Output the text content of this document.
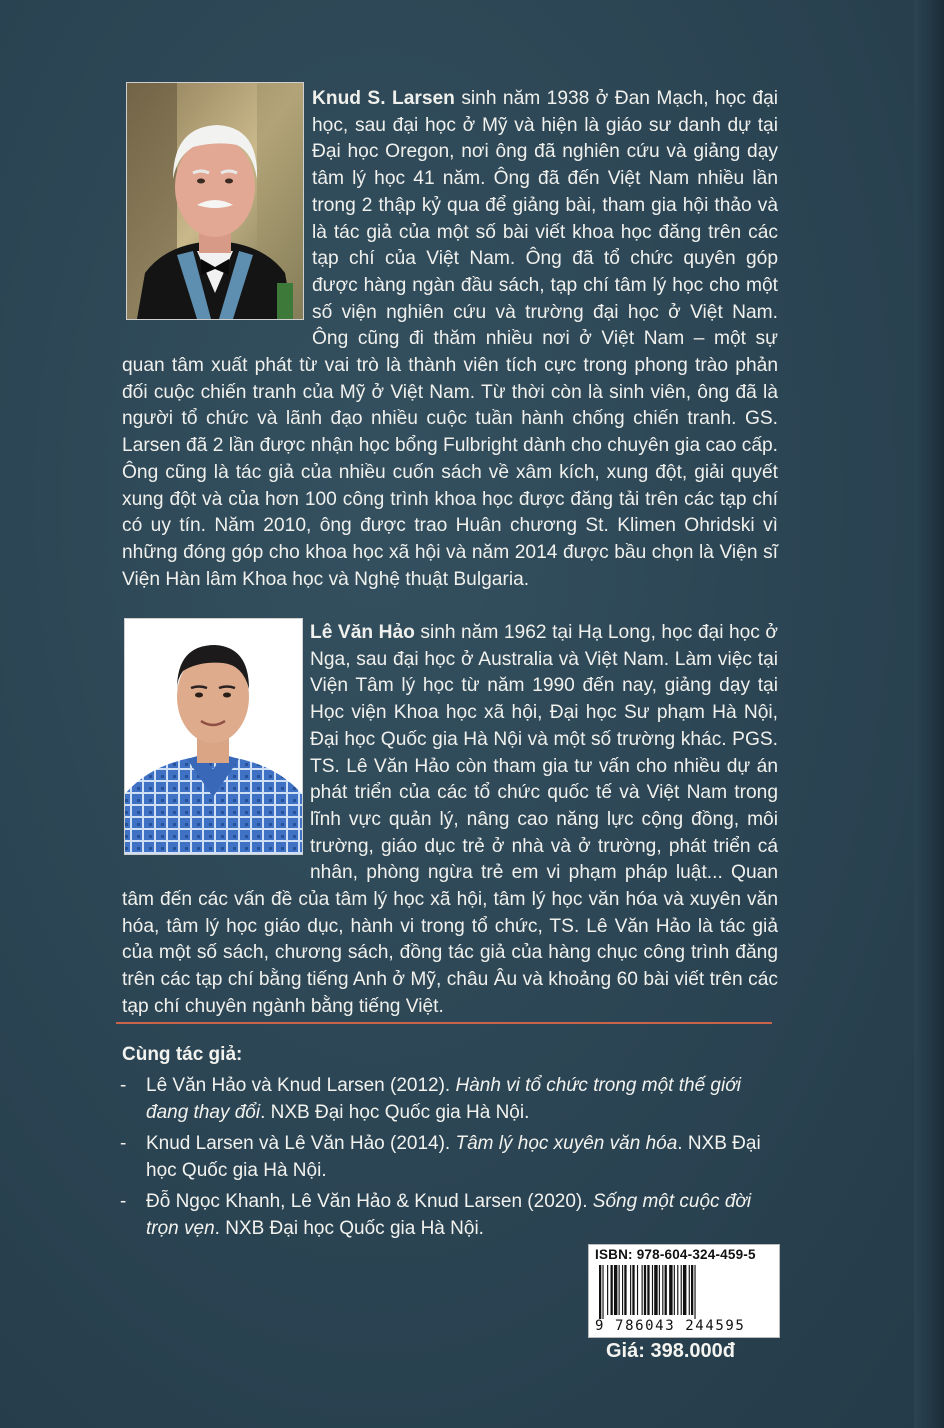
Knud S. Larsen sinh năm 1938 ở Đan Mạch, học đại học, sau đại học ở Mỹ và hiện là giáo sư danh dự tại Đại học Oregon, nơi ông đã nghiên cứu và giảng dạy tâm lý học 41 năm. Ông đã đến Việt Nam nhiều lần trong 2 thập kỷ qua để giảng bài, tham gia hội thảo và là tác giả của một số bài viết khoa học đăng trên các tạp chí của Việt Nam. Ông đã tổ chức quyên góp được hàng ngàn đầu sách, tạp chí tâm lý học cho một số viện nghiên cứu và trường đại học ở Việt Nam. Ông cũng đi thăm nhiều nơi ở Việt Nam – một sự quan tâm xuất phát từ vai trò là thành viên tích cực trong phong trào phản đối cuộc chiến tranh của Mỹ ở Việt Nam. Từ thời còn là sinh viên, ông đã là người tổ chức và lãnh đạo nhiều cuộc tuần hành chống chiến tranh. GS. Larsen đã 2 lần được nhận học bổng Fulbright dành cho chuyên gia cao cấp. Ông cũng là tác giả của nhiều cuốn sách về xâm kích, xung đột, giải quyết xung đột và của hơn 100 công trình khoa học được đăng tải trên các tạp chí có uy tín. Năm 2010, ông được trao Huân chương St. Klimen Ohridski vì những đóng góp cho khoa học xã hội và năm 2014 được bầu chọn là Viện sĩ Viện Hàn lâm Khoa học và Nghệ thuật Bulgaria.

Lê Văn Hảo sinh năm 1962 tại Hạ Long, học đại học ở Nga, sau đại học ở Australia và Việt Nam. Làm việc tại Viện Tâm lý học từ năm 1990 đến nay, giảng dạy tại Học viện Khoa học xã hội, Đại học Sư phạm Hà Nội, Đại học Quốc gia Hà Nội và một số trường khác. PGS. TS. Lê Văn Hảo còn tham gia tư vấn cho nhiều dự án phát triển của các tổ chức quốc tế và Việt Nam trong lĩnh vực quản lý, nâng cao năng lực cộng đồng, môi trường, giáo dục trẻ ở nhà và ở trường, phát triển cá nhân, phòng ngừa trẻ em vi phạm pháp luật... Quan tâm đến các vấn đề của tâm lý học xã hội, tâm lý học văn hóa và xuyên văn hóa, tâm lý học giáo dục, hành vi trong tổ chức, TS. Lê Văn Hảo là tác giả của một số sách, chương sách, đồng tác giả của hàng chục công trình đăng trên các tạp chí bằng tiếng Anh ở Mỹ, châu Âu và khoảng 60 bài viết trên các tạp chí chuyên ngành bằng tiếng Việt.

Cùng tác giả:
- Lê Văn Hảo và Knud Larsen (2012). Hành vi tổ chức trong một thế giới đang thay đổi. NXB Đại học Quốc gia Hà Nội.
- Knud Larsen và Lê Văn Hảo (2014). Tâm lý học xuyên văn hóa. NXB Đại học Quốc gia Hà Nội.
- Đỗ Ngọc Khanh, Lê Văn Hảo & Knud Larsen (2020). Sống một cuộc đời trọn vẹn. NXB Đại học Quốc gia Hà Nội.
ISBN: 978-604-324-459-5
9 786043 244595
Giá: 398.000đ
